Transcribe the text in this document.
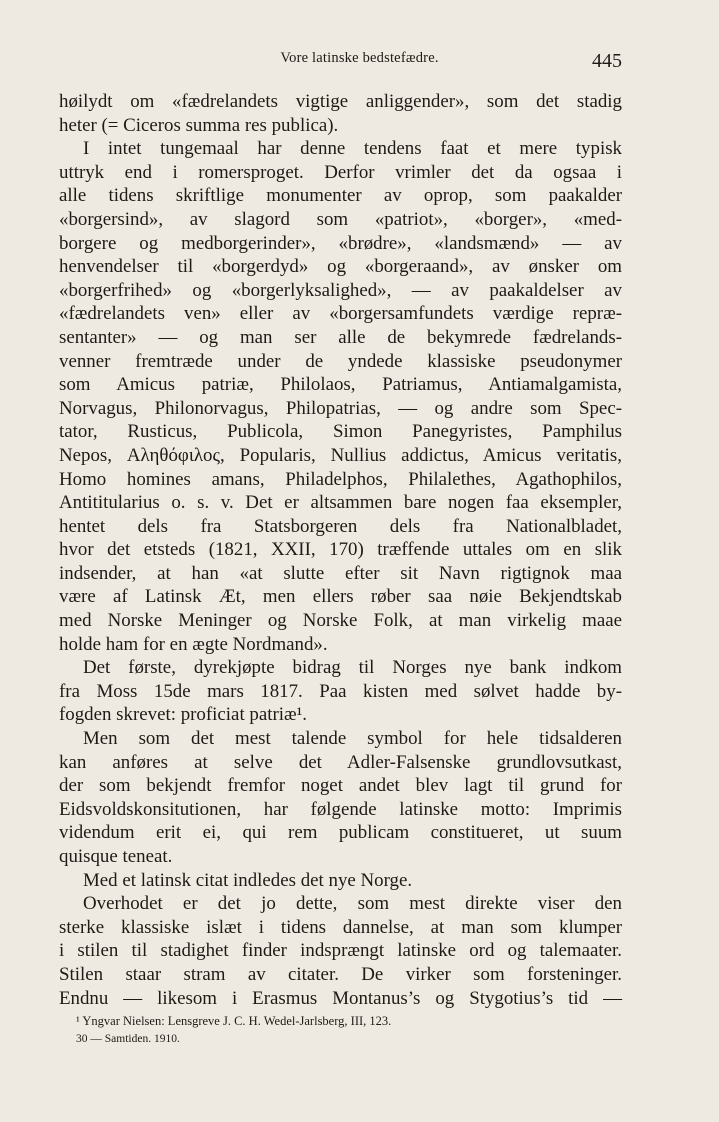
Vore latinske bedstefædre.	445
høilydt om «fædrelandets vigtige anliggender», som det stadig
heter (= Ciceros summa res publica).
I intet tungemaal har denne tendens faat et mere typisk
uttryk end i romersproget. Derfor vrimler det da ogsaa i
alle tidens skriftlige monumenter av oprop, som paakalder
«borgersind», av slagord som «patriot», «borger», «med-
borgere og medborgerinder», «brødre», «landsmænd» — av
henvendelser til «borgerdyd» og «borgeraand», av ønsker om
«borgerfrihed» og «borgerlyksalighed», — av paakaldelser av
«fædrelandets ven» eller av «borgersamfundets værdige repræ-
sentanter» — og man ser alle de bekymrede fædrelands-
venner fremtræde under de yndede klassiske pseudonymer
som Amicus patriæ, Philolaos, Patriamus, Antiamalgamista,
Norvagus, Philonorvagus, Philopatrias, — og andre som Spec-
tator, Rusticus, Publicola, Simon Panegyristes, Pamphilus
Nepos, Αληθόφιλος, Popularis, Nullius addictus, Amicus veritatis,
Homo homines amans, Philadelphos, Philalethes, Agathophilos,
Antititularius o. s. v. Det er altsammen bare nogen faa eksempler,
hentet dels fra Statsborgeren dels fra Nationalbladet,
hvor det etsteds (1821, XXII, 170) træffende uttales om en slik
indsender, at han «at slutte efter sit Navn rigtignok maa
være af Latinsk Æt, men ellers røber saa nøie Bekjendtskab
med Norske Meninger og Norske Folk, at man virkelig maae
holde ham for en ægte Nordmand».
Det første, dyrekjøpte bidrag til Norges nye bank indkom
fra Moss 15de mars 1817. Paa kisten med sølvet hadde by-
fogden skrevet: proficiat patriæ¹.
Men som det mest talende symbol for hele tidsalderen
kan anføres at selve det Adler-Falsenske grundlovsutkast,
der som bekjendt fremfor noget andet blev lagt til grund for
Eidsvoldskonsitutionen, har følgende latinske motto: Imprimis
videndum erit ei, qui rem publicam constitueret, ut suum
quisque teneat.
Med et latinsk citat indledes det nye Norge.
Overhodet er det jo dette, som mest direkte viser den
sterke klassiske islæt i tidens dannelse, at man som klumper
i stilen til stadighet finder indsprængt latinske ord og talemaater.
Stilen staar stram av citater. De virker som forsteninger.
Endnu — likesom i Erasmus Montanus’s og Stygotius’s tid —
¹ Yngvar Nielsen: Lensgreve J. C. H. Wedel-Jarlsberg, III, 123.
30 — Samtiden. 1910.
